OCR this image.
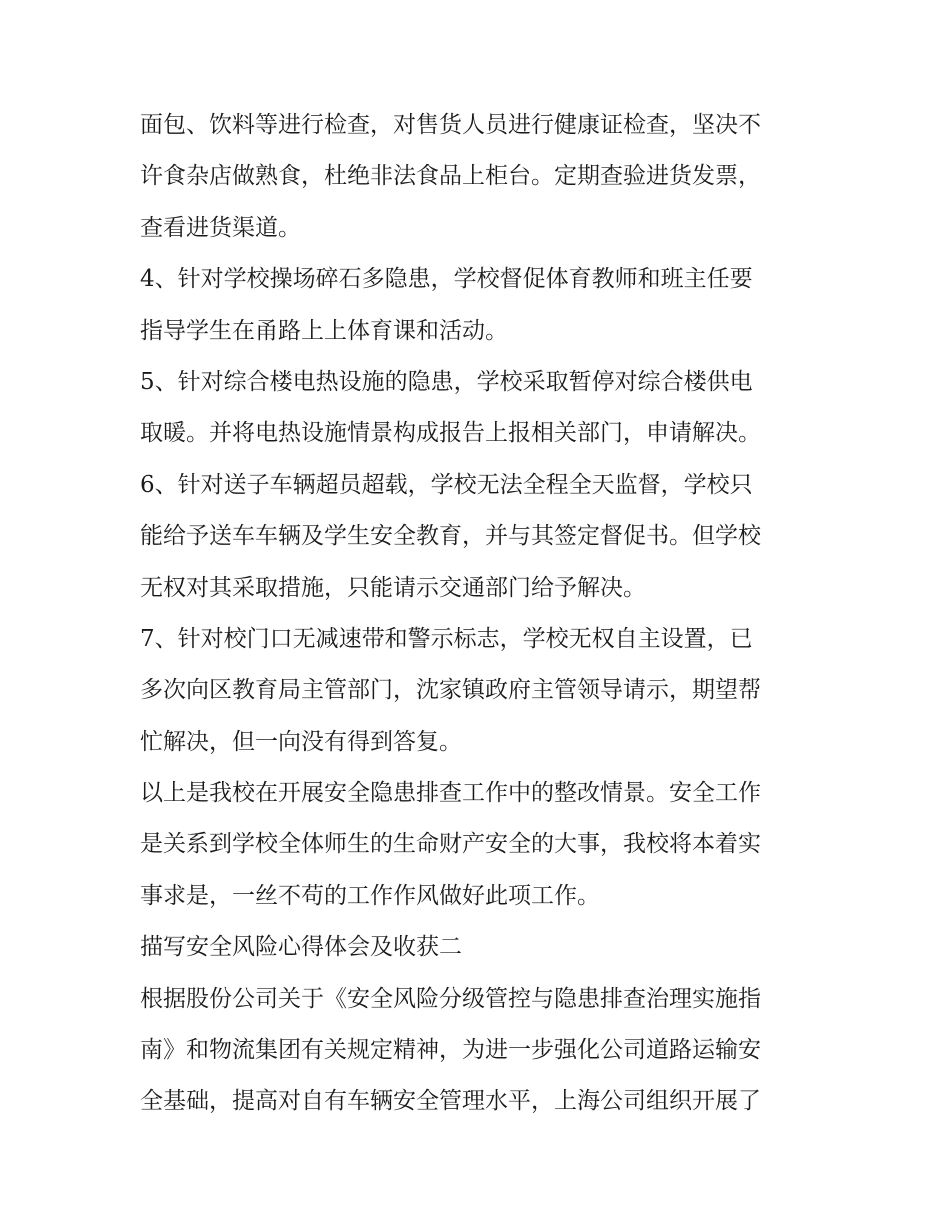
面包、饮料等进行检查，对售货人员进行健康证检查，坚决不
许食杂店做熟食，杜绝非法食品上柜台。定期查验进货发票，
查看进货渠道。
4、针对学校操场碎石多隐患，学校督促体育教师和班主任要
指导学生在甬路上上体育课和活动。
5、针对综合楼电热设施的隐患，学校采取暂停对综合楼供电
取暖。并将电热设施情景构成报告上报相关部门，申请解决。
6、针对送子车辆超员超载，学校无法全程全天监督，学校只
能给予送车车辆及学生安全教育，并与其签定督促书。但学校
无权对其采取措施，只能请示交通部门给予解决。
7、针对校门口无减速带和警示标志，学校无权自主设置，已
多次向区教育局主管部门，沈家镇政府主管领导请示，期望帮
忙解决，但一向没有得到答复。
以上是我校在开展安全隐患排查工作中的整改情景。安全工作
是关系到学校全体师生的生命财产安全的大事，我校将本着实
事求是，一丝不苟的工作作风做好此项工作。
描写安全风险心得体会及收获二
根据股份公司关于《安全风险分级管控与隐患排查治理实施指
南》和物流集团有关规定精神，为进一步强化公司道路运输安
全基础，提高对自有车辆安全管理水平，上海公司组织开展了
